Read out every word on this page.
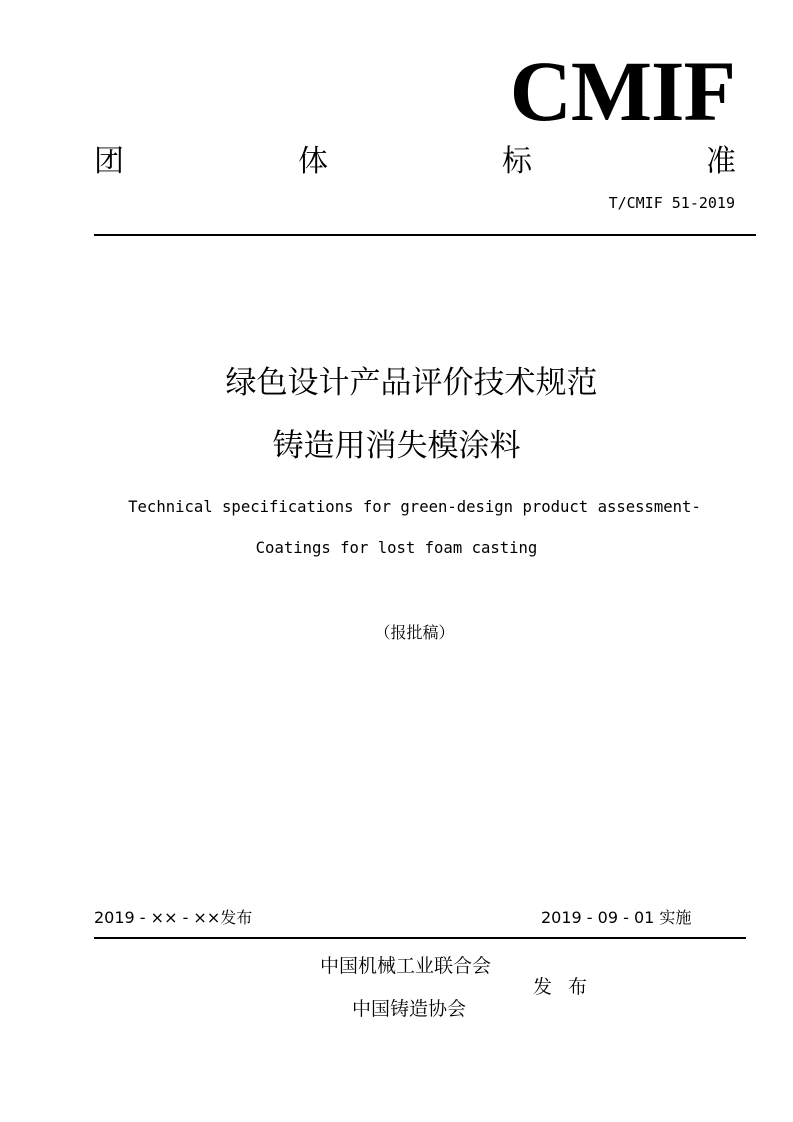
CMIF
团	体	标	准
T/CMIF 51-2019
绿色设计产品评价技术规范
铸造用消失模涂料
Technical specifications for green-design product assessment-
Coatings for lost foam casting
（报批稿）
2019 - ×× - ××发布	2019 - 09 - 01 实施
中国机械工业联合会
中国铸造协会
发布
